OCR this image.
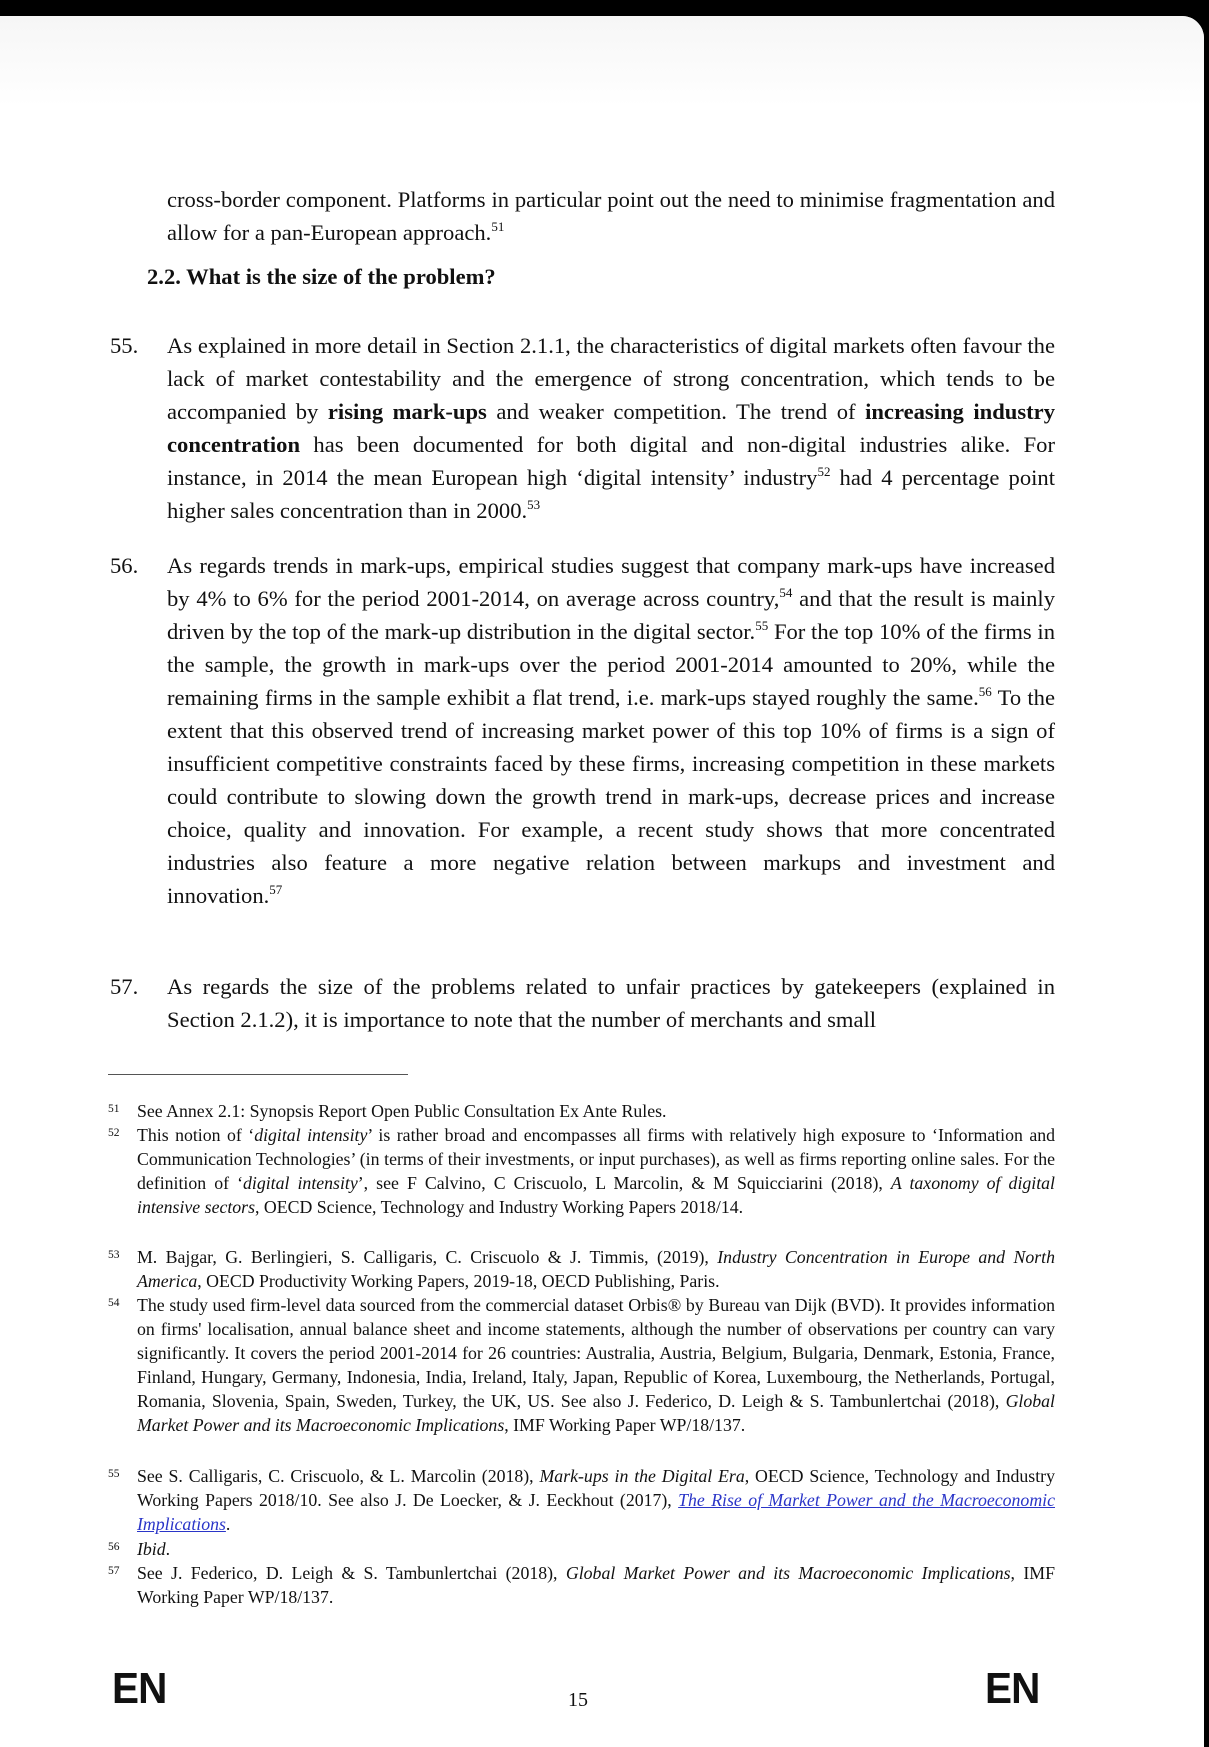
cross-border component. Platforms in particular point out the need to minimise fragmentation and allow for a pan-European approach.$^{51}$
2.2. What is the size of the problem?
55. As explained in more detail in Section 2.1.1, the characteristics of digital markets often favour the lack of market contestability and the emergence of strong concentration, which tends to be accompanied by rising mark-ups and weaker competition. The trend of increasing industry concentration has been documented for both digital and non-digital industries alike. For instance, in 2014 the mean European high ‘digital intensity’ industry$^{52}$ had 4 percentage point higher sales concentration than in 2000.53
56. As regards trends in mark-ups, empirical studies suggest that company mark-ups have increased by 4% to 6% for the period 2001-2014, on average across country,$^{54}$ and that the result is mainly driven by the top of the mark-up distribution in the digital sector.$^{55}$ For the top 10% of the firms in the sample, the growth in mark-ups over the period 2001-2014 amounted to 20%, while the remaining firms in the sample exhibit a flat trend, i.e. mark-ups stayed roughly the same.$^{56}$ To the extent that this observed trend of increasing market power of this top 10% of firms is a sign of insufficient competitive constraints faced by these firms, increasing competition in these markets could contribute to slowing down the growth trend in mark-ups, decrease prices and increase choice, quality and innovation. For example, a recent study shows that more concentrated industries also feature a more negative relation between markups and investment and innovation.$^{57}$
57. As regards the size of the problems related to unfair practices by gatekeepers (explained in Section 2.1.2), it is importance to note that the number of merchants and small
51 See Annex 2.1: Synopsis Report Open Public Consultation Ex Ante Rules.
52 This notion of ‘digital intensity’ is rather broad and encompasses all firms with relatively high exposure to ‘Information and Communication Technologies’ (in terms of their investments, or input purchases), as well as firms reporting online sales. For the definition of ‘digital intensity’, see F Calvino, C Criscuolo, L Marcolin, & M Squicciarini (2018), A taxonomy of digital intensive sectors, OECD Science, Technology and Industry Working Papers 2018/14.
53 M. Bajgar, G. Berlingieri, S. Calligaris, C. Criscuolo & J. Timmis, (2019), Industry Concentration in Europe and North America, OECD Productivity Working Papers, 2019-18, OECD Publishing, Paris.
54 The study used firm-level data sourced from the commercial dataset Orbis® by Bureau van Dijk (BVD). It provides information on firms' localisation, annual balance sheet and income statements, although the number of observations per country can vary significantly. It covers the period 2001-2014 for 26 countries: Australia, Austria, Belgium, Bulgaria, Denmark, Estonia, France, Finland, Hungary, Germany, Indonesia, India, Ireland, Italy, Japan, Republic of Korea, Luxembourg, the Netherlands, Portugal, Romania, Slovenia, Spain, Sweden, Turkey, the UK, US. See also J. Federico, D. Leigh & S. Tambunlertchai (2018), Global Market Power and its Macroeconomic Implications, IMF Working Paper WP/18/137.
55 See S. Calligaris, C. Criscuolo, & L. Marcolin (2018), Mark-ups in the Digital Era, OECD Science, Technology and Industry Working Papers 2018/10. See also J. De Loecker, & J. Eeckhout (2017), The Rise of Market Power and the Macroeconomic Implications.
56 Ibid.
57 See J. Federico, D. Leigh & S. Tambunlertchai (2018), Global Market Power and its Macroeconomic Implications, IMF Working Paper WP/18/137.
EN	15	EN
